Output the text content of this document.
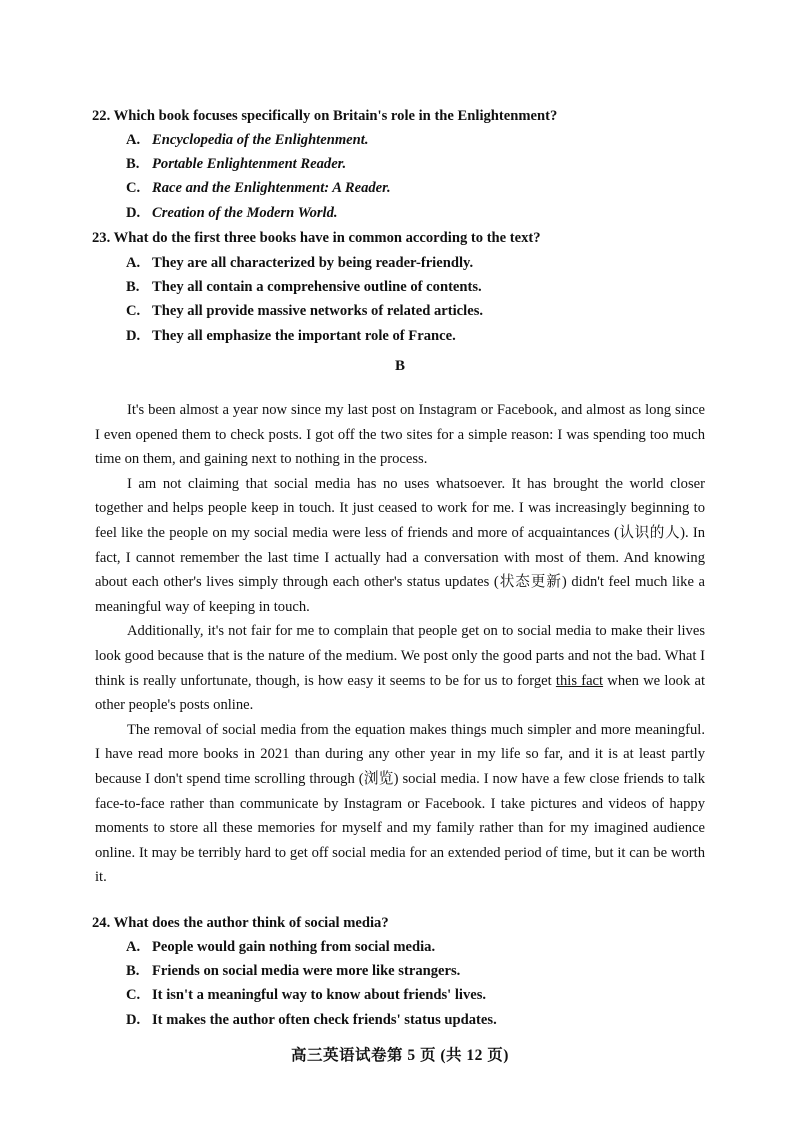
22. Which book focuses specifically on Britain's role in the Enlightenment?
A. Encyclopedia of the Enlightenment.
B. Portable Enlightenment Reader.
C. Race and the Enlightenment: A Reader.
D. Creation of the Modern World.
23. What do the first three books have in common according to the text?
A. They are all characterized by being reader-friendly.
B. They all contain a comprehensive outline of contents.
C. They all provide massive networks of related articles.
D. They all emphasize the important role of France.
B

It's been almost a year now since my last post on Instagram or Facebook, and almost as long since I even opened them to check posts. I got off the two sites for a simple reason: I was spending too much time on them, and gaining next to nothing in the process.

I am not claiming that social media has no uses whatsoever. It has brought the world closer together and helps people keep in touch. It just ceased to work for me. I was increasingly beginning to feel like the people on my social media were less of friends and more of acquaintances (认识的人). In fact, I cannot remember the last time I actually had a conversation with most of them. And knowing about each other's lives simply through each other's status updates (状态更新) didn't feel much like a meaningful way of keeping in touch.

Additionally, it's not fair for me to complain that people get on to social media to make their lives look good because that is the nature of the medium. We post only the good parts and not the bad. What I think is really unfortunate, though, is how easy it seems to be for us to forget this fact when we look at other people's posts online.

The removal of social media from the equation makes things much simpler and more meaningful. I have read more books in 2021 than during any other year in my life so far, and it is at least partly because I don't spend time scrolling through (浏览) social media. I now have a few close friends to talk face-to-face rather than communicate by Instagram or Facebook. I take pictures and videos of happy moments to store all these memories for myself and my family rather than for my imagined audience online. It may be terribly hard to get off social media for an extended period of time, but it can be worth it.

24. What does the author think of social media?
A. People would gain nothing from social media.
B. Friends on social media were more like strangers.
C. It isn't a meaningful way to know about friends' lives.
D. It makes the author often check friends' status updates.
高三英语试卷第 5 页 (共 12 页)
